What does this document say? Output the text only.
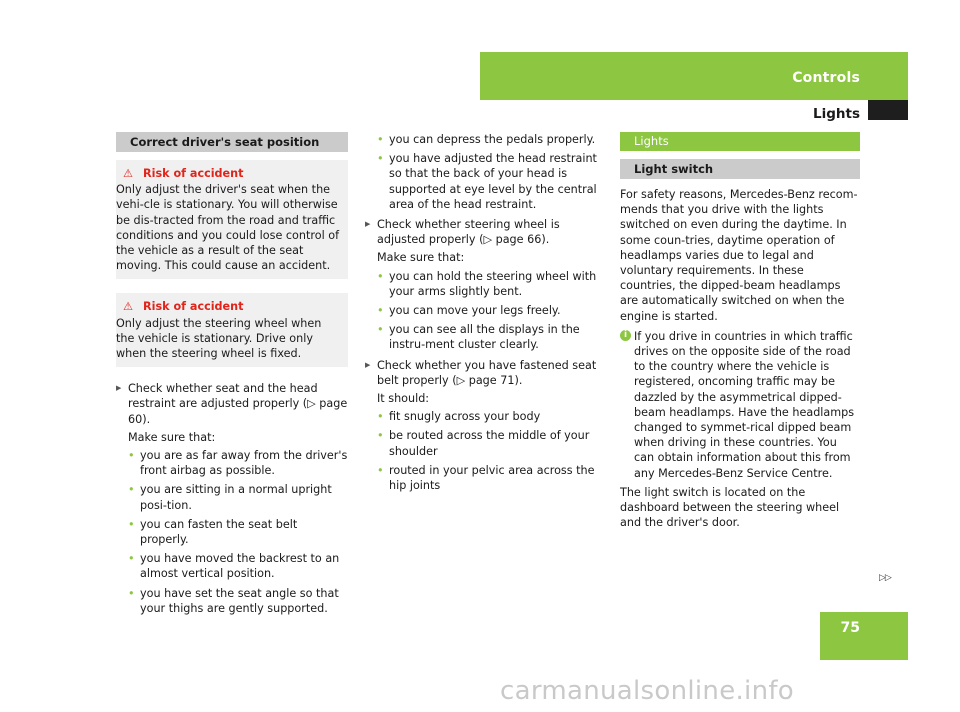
Controls
Lights
75
▷▷
carmanualsonline.info
Correct driver's seat position
⚠ Risk of accident
Only adjust the driver's seat when the vehi-cle is stationary. You will otherwise be dis-tracted from the road and traffic conditions and you could lose control of the vehicle as a result of the seat moving. This could cause an accident.
⚠ Risk of accident
Only adjust the steering wheel when the vehicle is stationary. Drive only when the steering wheel is fixed.
▶ Check whether seat and the head restraint are adjusted properly (▷ page 60).
Make sure that:
• you are as far away from the driver's front airbag as possible.
• you are sitting in a normal upright posi-tion.
• you can fasten the seat belt properly.
• you have moved the backrest to an almost vertical position.
• you have set the seat angle so that your thighs are gently supported.
• you can depress the pedals properly.
• you have adjusted the head restraint so that the back of your head is supported at eye level by the central area of the head restraint.
▶ Check whether steering wheel is adjusted properly (▷ page 66).
Make sure that:
• you can hold the steering wheel with your arms slightly bent.
• you can move your legs freely.
• you can see all the displays in the instru-ment cluster clearly.
▶ Check whether you have fastened seat belt properly (▷ page 71).
It should:
• fit snugly across your body
• be routed across the middle of your shoulder
• routed in your pelvic area across the hip joints
Lights
Light switch
For safety reasons, Mercedes-Benz recom-mends that you drive with the lights switched on even during the daytime. In some coun-tries, daytime operation of headlamps varies due to legal and voluntary requirements. In these countries, the dipped-beam headlamps are automatically switched on when the engine is started.
i If you drive in countries in which traffic drives on the opposite side of the road to the country where the vehicle is registered, oncoming traffic may be dazzled by the asymmetrical dipped-beam headlamps. Have the headlamps changed to symmet-rical dipped beam when driving in these countries. You can obtain information about this from any Mercedes-Benz Service Centre.
The light switch is located on the dashboard between the steering wheel and the driver's door.
